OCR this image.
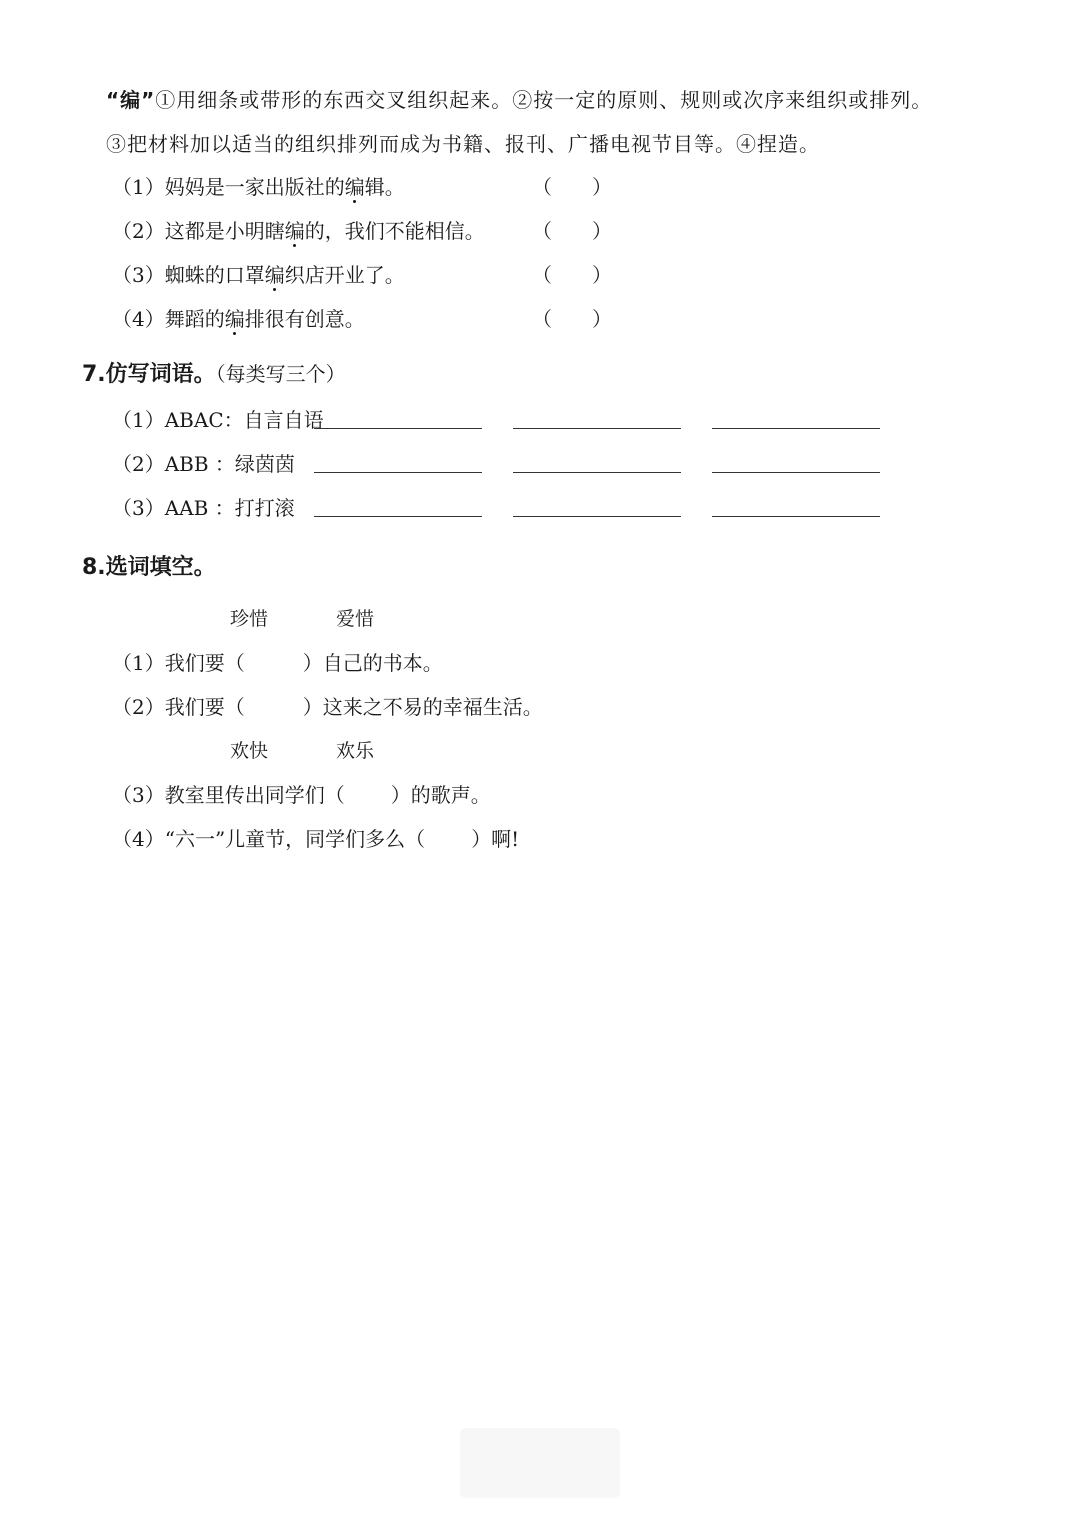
“编”①用细条或带形的东西交叉组织起来。②按一定的原则、规则或次序来组织或排列。
③把材料加以适当的组织排列而成为书籍、报刊、广播电视节目等。④捏造。
（1）妈妈是一家出版社的编辑。	（　　）
（2）这都是小明瞎编的，我们不能相信。 （　　）
（3）蜘蛛的口罩编织店开业了。	（　　）
（4）舞蹈的编排很有创意。	（　　）
7.仿写词语。（每类写三个）
（1）ABAC：自言自语
（2）ABB ：绿茵茵
（3）AAB ：打打滚
8.选词填空。
珍惜	爱惜
（1）我们要（	）自己的书本。
（2）我们要（	）这来之不易的幸福生活。
欢快	欢乐
（3）教室里传出同学们（ ）的歌声。
（4）“六一”儿童节，同学们多么（ ）啊!
